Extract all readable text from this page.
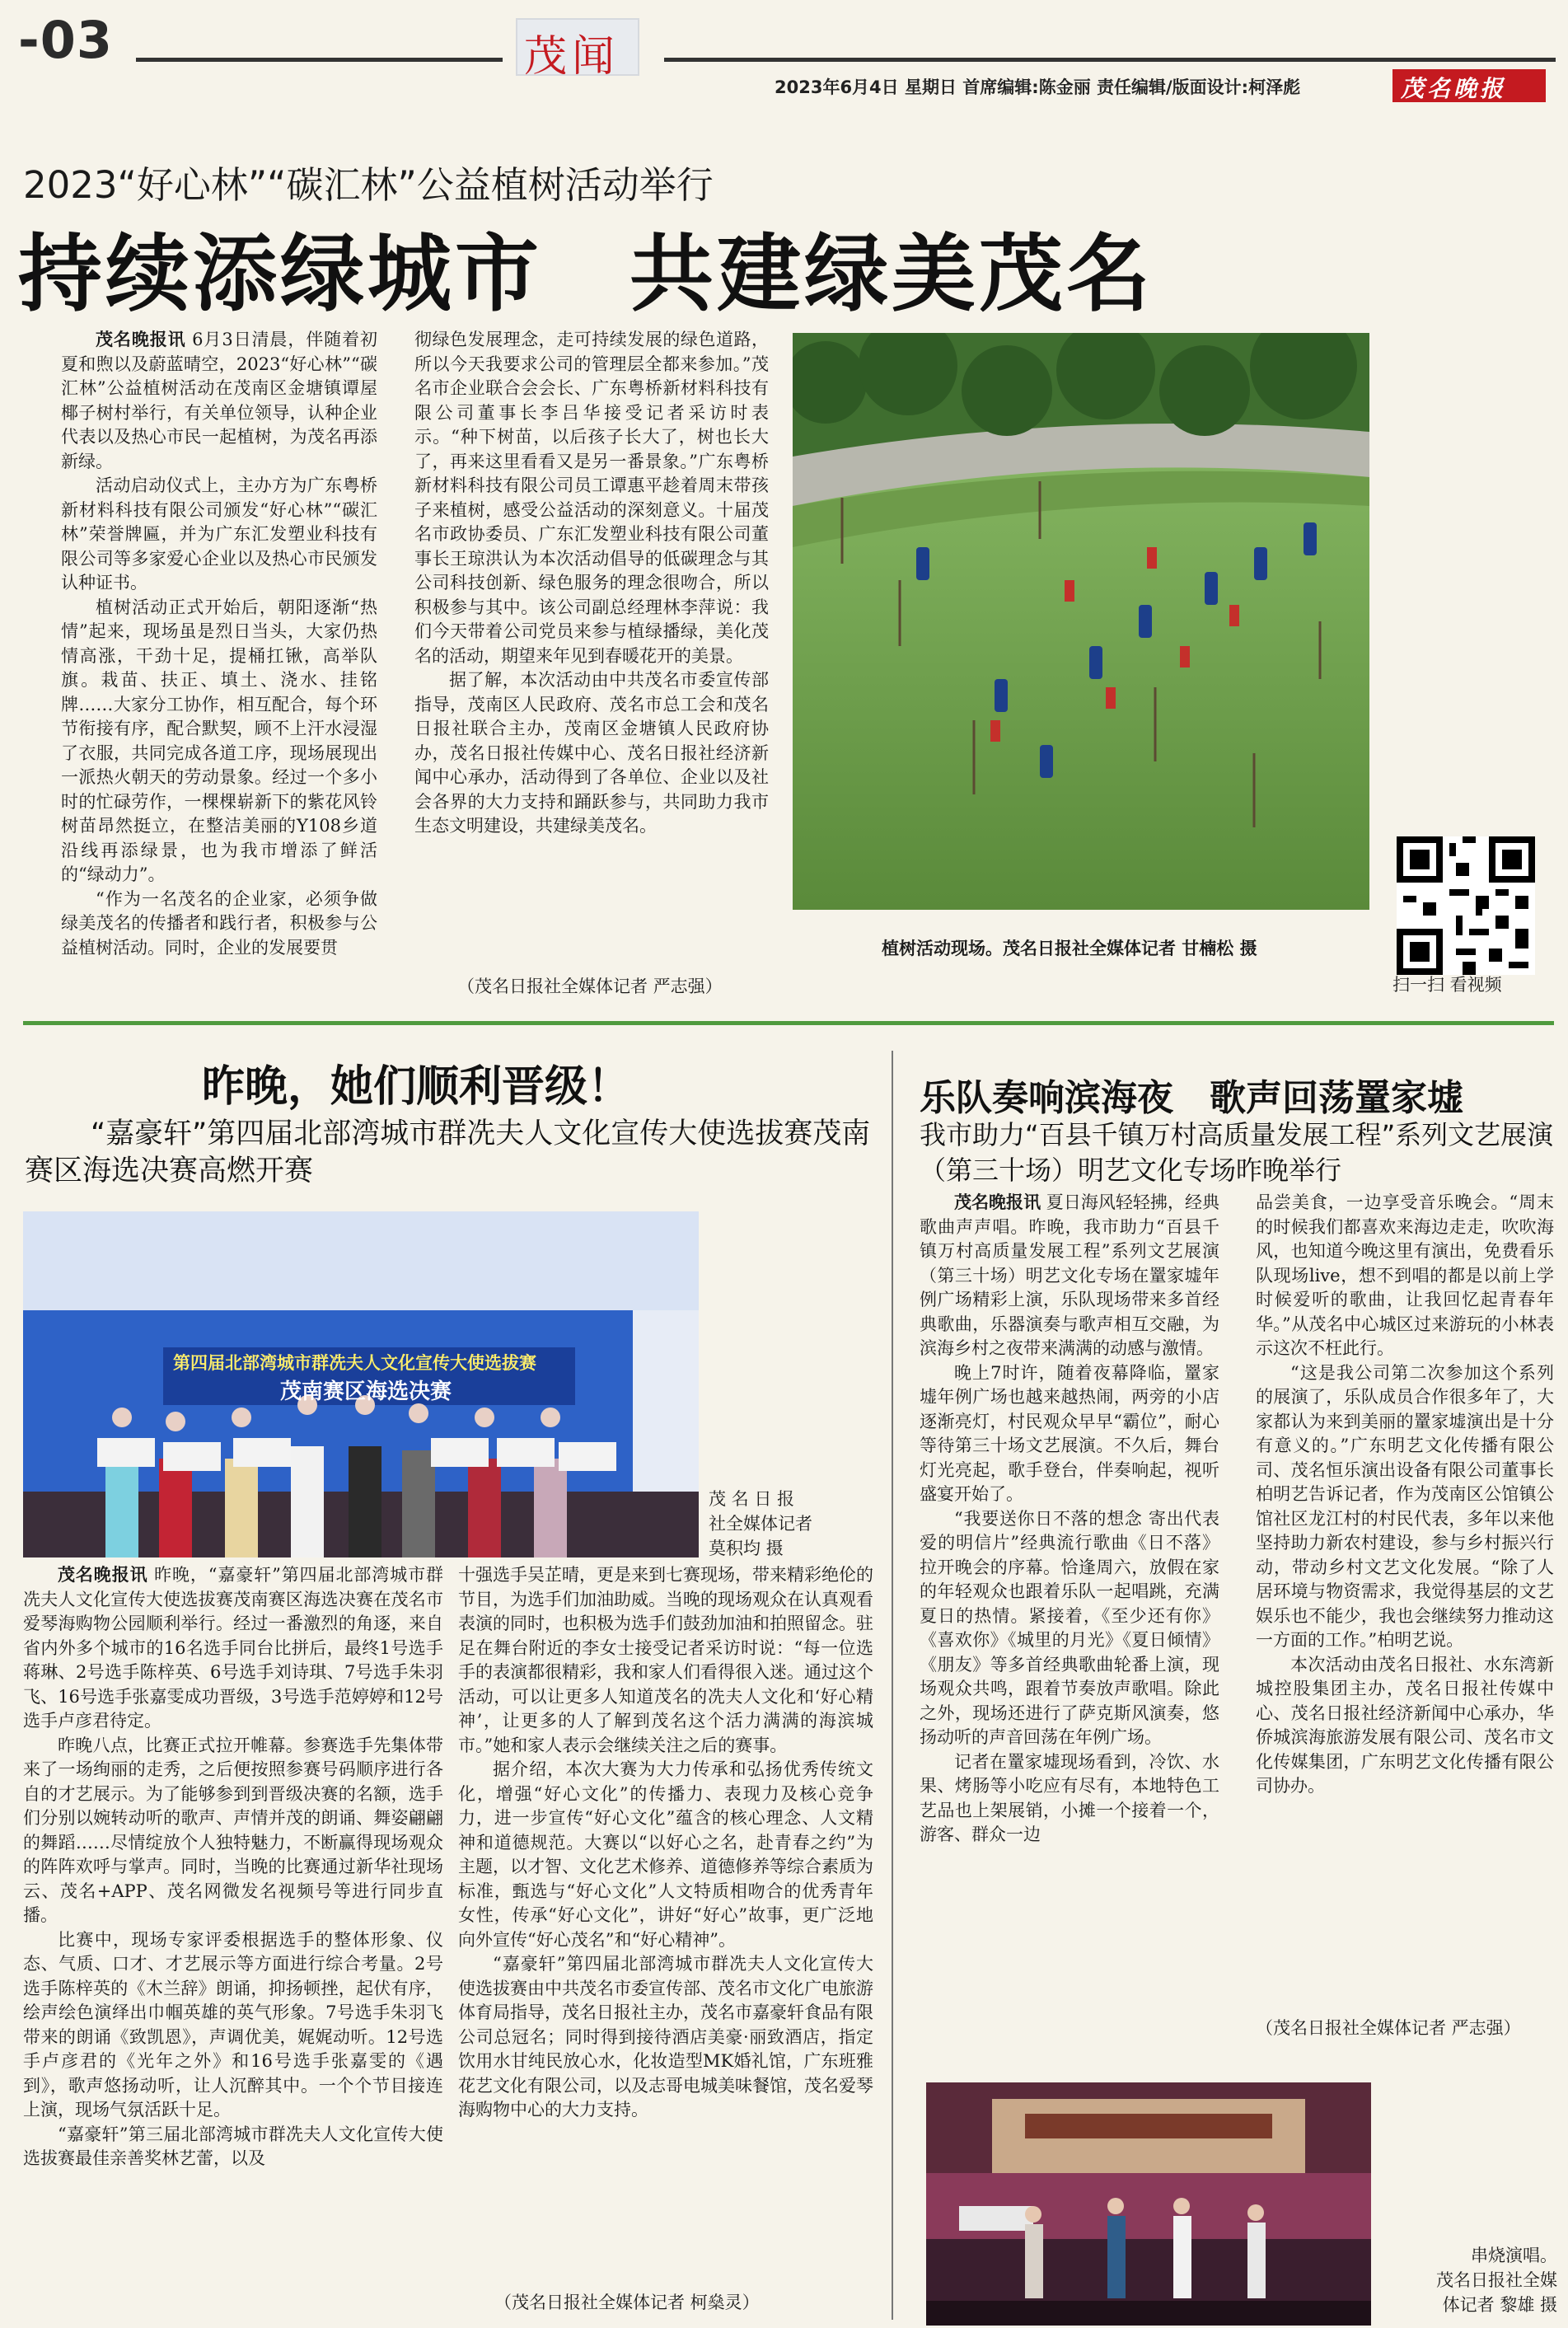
-03	茂闻
2023年6月4日 星期日 首席编辑:陈金丽 责任编辑/版面设计:柯泽彪	茂名晚报
2023“好心林”“碳汇林”公益植树活动举行
持续添绿城市　共建绿美茂名

茂名晚报讯 6月3日清晨，伴随着初夏和煦以及蔚蓝晴空，2023“好心林”“碳汇林”公益植树活动在茂南区金塘镇谭屋椰子树村举行，有关单位领导，认种企业代表以及热心市民一起植树，为茂名再添新绿。

活动启动仪式上，主办方为广东粤桥新材料科技有限公司颁发“好心林”“碳汇林”荣誉牌匾，并为广东汇发塑业科技有限公司等多家爱心企业以及热心市民颁发认种证书。

植树活动正式开始后，朝阳逐渐“热情”起来，现场虽是烈日当头，大家仍热情高涨，干劲十足，提桶扛锹，高举队旗。栽苗、扶正、填土、浇水、挂铭牌……大家分工协作，相互配合，每个环节衔接有序，配合默契，顾不上汗水浸湿了衣服，共同完成各道工序，现场展现出一派热火朝天的劳动景象。经过一个多小时的忙碌劳作，一棵棵崭新下的紫花风铃树苗昂然挺立，在整洁美丽的Y108乡道沿线再添绿景，也为我市增添了鲜活的“绿动力”。

“作为一名茂名的企业家，必须争做绿美茂名的传播者和践行者，积极参与公益植树活动。同时，企业的发展要贯

彻绿色发展理念，走可持续发展的绿色道路，所以今天我要求公司的管理层全都来参加。”茂名市企业联合会会长、广东粤桥新材料科技有限公司董事长李吕华接受记者采访时表示。“种下树苗，以后孩子长大了，树也长大了，再来这里看看又是另一番景象。”广东粤桥新材料科技有限公司员工谭惠平趁着周末带孩子来植树，感受公益活动的深刻意义。十届茂名市政协委员、广东汇发塑业科技有限公司董事长王琼洪认为本次活动倡导的低碳理念与其公司科技创新、绿色服务的理念很吻合，所以积极参与其中。该公司副总经理林李萍说：我们今天带着公司党员来参与植绿播绿，美化茂名的活动，期望来年见到春暖花开的美景。

据了解，本次活动由中共茂名市委宣传部指导，茂南区人民政府、茂名市总工会和茂名日报社联合主办，茂南区金塘镇人民政府协办，茂名日报社传媒中心、茂名日报社经济新闻中心承办，活动得到了各单位、企业以及社会各界的大力支持和踊跃参与，共同助力我市生态文明建设，共建绿美茂名。

（茂名日报社全媒体记者 严志强）
植树活动现场。茂名日报社全媒体记者 甘楠松 摄
扫一扫 看视频
昨晚，她们顺利晋级！
“嘉豪轩”第四届北部湾城市群冼夫人文化宣传大使选拔赛茂南赛区海选决赛高燃开赛
第四届北部湾城市群冼夫人文化宣传大使选拔赛
茂南赛区海选决赛
茂 名 日 报
社全媒体记者
莫积均 摄

茂名晚报讯 昨晚，“嘉豪轩”第四届北部湾城市群冼夫人文化宣传大使选拔赛茂南赛区海选决赛在茂名市爱琴海购物公园顺利举行。经过一番激烈的角逐，来自省内外多个城市的16名选手同台比拼后，最终1号选手蒋琳、2号选手陈梓英、6号选手刘诗琪、7号选手朱羽飞、16号选手张嘉雯成功晋级，3号选手范婷婷和12号选手卢彦君待定。

昨晚八点，比赛正式拉开帷幕。参赛选手先集体带来了一场绚丽的走秀，之后便按照参赛号码顺序进行各自的才艺展示。为了能够参到到晋级决赛的名额，选手们分别以婉转动听的歌声、声情并茂的朗诵、舞姿翩翩的舞蹈……尽情绽放个人独特魅力，不断赢得现场观众的阵阵欢呼与掌声。同时，当晚的比赛通过新华社现场云、茂名+APP、茂名网微发名视频号等进行同步直播。

比赛中，现场专家评委根据选手的整体形象、仪态、气质、口才、才艺展示等方面进行综合考量。2号选手陈梓英的《木兰辞》朗诵，抑扬顿挫，起伏有序，绘声绘色演绎出巾帼英雄的英气形象。7号选手朱羽飞带来的朗诵《致凯恩》，声调优美，娓娓动听。12号选手卢彦君的《光年之外》和16号选手张嘉雯的《遇到》，歌声悠扬动听，让人沉醉其中。一个个节目接连上演，现场气氛活跃十足。

“嘉豪轩”第三届北部湾城市群冼夫人文化宣传大使选拔赛最佳亲善奖林艺蕾，以及

十强选手吴芷晴，更是来到七赛现场，带来精彩绝伦的节目，为选手们加油助威。当晚的现场观众在认真观看表演的同时，也积极为选手们鼓劲加油和拍照留念。驻足在舞台附近的李女士接受记者采访时说：“每一位选手的表演都很精彩，我和家人们看得很入迷。通过这个活动，可以让更多人知道茂名的冼夫人文化和‘好心精神’，让更多的人了解到茂名这个活力满满的海滨城市。”她和家人表示会继续关注之后的赛事。

据介绍，本次大赛为大力传承和弘扬优秀传统文化，增强“好心文化”的传播力、表现力及核心竞争力，进一步宣传“好心文化”蕴含的核心理念、人文精神和道德规范。大赛以“以好心之名，赴青春之约”为主题，以才智、文化艺术修养、道德修养等综合素质为标准，甄选与“好心文化”人文特质相吻合的优秀青年女性，传承“好心文化”，讲好“好心”故事，更广泛地向外宣传“好心茂名”和“好心精神”。

“嘉豪轩”第四届北部湾城市群冼夫人文化宣传大使选拔赛由中共茂名市委宣传部、茂名市文化广电旅游体育局指导，茂名日报社主办，茂名市嘉豪轩食品有限公司总冠名；同时得到接待酒店美豪·丽致酒店，指定饮用水甘纯民放心水，化妆造型MK婚礼馆，广东班雅花艺文化有限公司，以及志哥电城美味餐馆，茂名爱琴海购物中心的大力支持。

（茂名日报社全媒体记者 柯燊灵）
乐队奏响滨海夜　歌声回荡罿家墟
我市助力“百县千镇万村高质量发展工程”系列文艺展演（第三十场）明艺文化专场昨晚举行

茂名晚报讯 夏日海风轻轻拂，经典歌曲声声唱。昨晚，我市助力“百县千镇万村高质量发展工程”系列文艺展演（第三十场）明艺文化专场在罿家墟年例广场精彩上演，乐队现场带来多首经典歌曲，乐器演奏与歌声相互交融，为滨海乡村之夜带来满满的动感与激情。

晚上7时许，随着夜幕降临，罿家墟年例广场也越来越热闹，两旁的小店逐渐亮灯，村民观众早早“霸位”，耐心等待第三十场文艺展演。不久后，舞台灯光亮起，歌手登台，伴奏响起，视听盛宴开始了。

“我要送你日不落的想念 寄出代表爱的明信片”经典流行歌曲《日不落》拉开晚会的序幕。恰逢周六，放假在家的年轻观众也跟着乐队一起唱跳，充满夏日的热情。紧接着，《至少还有你》《喜欢你》《城里的月光》《夏日倾情》《朋友》等多首经典歌曲轮番上演，现场观众共鸣，跟着节奏放声歌唱。除此之外，现场还进行了萨克斯风演奏，悠扬动听的声音回荡在年例广场。

记者在罿家墟现场看到，冷饮、水果、烤肠等小吃应有尽有，本地特色工艺品也上架展销，小摊一个接着一个，游客、群众一边

品尝美食，一边享受音乐晚会。“周末的时候我们都喜欢来海边走走，吹吹海风，也知道今晚这里有演出，免费看乐队现场live，想不到唱的都是以前上学时候爱听的歌曲，让我回忆起青春年华。”从茂名中心城区过来游玩的小林表示这次不枉此行。

“这是我公司第二次参加这个系列的展演了，乐队成员合作很多年了，大家都认为来到美丽的罿家墟演出是十分有意义的。”广东明艺文化传播有限公司、茂名恒乐演出设备有限公司董事长柏明艺告诉记者，作为茂南区公馆镇公馆社区龙江村的村民代表，多年以来他坚持助力新农村建设，参与乡村振兴行动，带动乡村文艺文化发展。“除了人居环境与物资需求，我觉得基层的文艺娱乐也不能少，我也会继续努力推动这一方面的工作。”柏明艺说。

本次活动由茂名日报社、水东湾新城控股集团主办，茂名日报社传媒中心、茂名日报社经济新闻中心承办，华侨城滨海旅游发展有限公司、茂名市文化传媒集团，广东明艺文化传播有限公司协办。

（茂名日报社全媒体记者 严志强）
串烧演唱。
茂名日报社全媒
体记者 黎雄 摄
